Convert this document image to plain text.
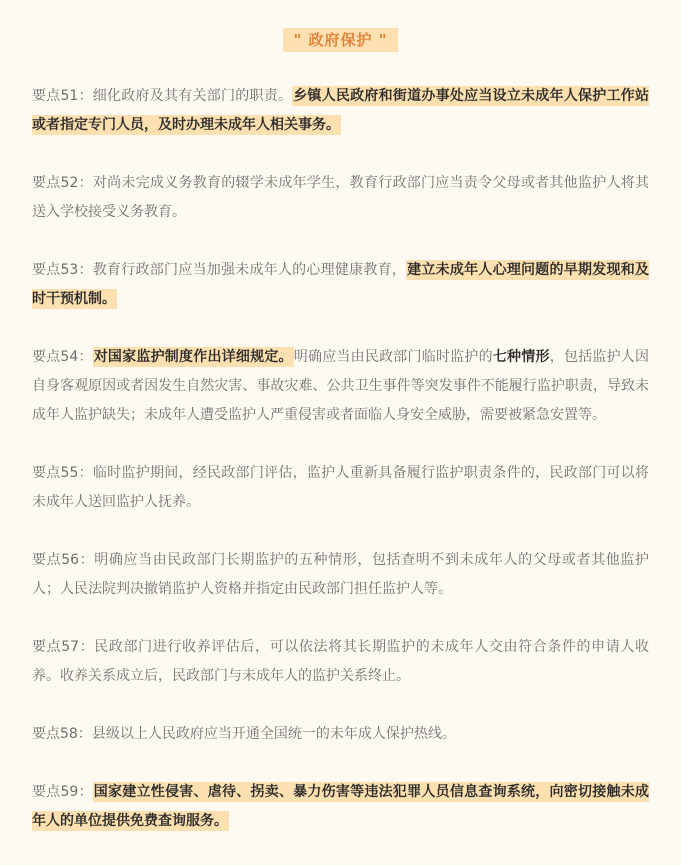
" 政府保护 "
要点51：细化政府及其有关部门的职责。乡镇人民政府和街道办事处应当设立未成年人保护工作站或者指定专门人员，及时办理未成年人相关事务。
要点52：对尚未完成义务教育的辍学未成年学生，教育行政部门应当责令父母或者其他监护人将其送入学校接受义务教育。
要点53：教育行政部门应当加强未成年人的心理健康教育，建立未成年人心理问题的早期发现和及时干预机制。
要点54：对国家监护制度作出详细规定。明确应当由民政部门临时监护的七种情形，包括监护人因自身客观原因或者因发生自然灾害、事故灾难、公共卫生事件等突发事件不能履行监护职责，导致未成年人监护缺失；未成年人遭受监护人严重侵害或者面临人身安全威胁，需要被紧急安置等。
要点55：临时监护期间，经民政部门评估，监护人重新具备履行监护职责条件的，民政部门可以将未成年人送回监护人抚养。
要点56：明确应当由民政部门长期监护的五种情形，包括查明不到未成年人的父母或者其他监护人；人民法院判决撤销监护人资格并指定由民政部门担任监护人等。
要点57：民政部门进行收养评估后，可以依法将其长期监护的未成年人交由符合条件的申请人收养。收养关系成立后，民政部门与未成年人的监护关系终止。
要点58：县级以上人民政府应当开通全国统一的未年成人保护热线。
要点59：国家建立性侵害、虐待、拐卖、暴力伤害等违法犯罪人员信息查询系统，向密切接触未成年人的单位提供免费查询服务。
